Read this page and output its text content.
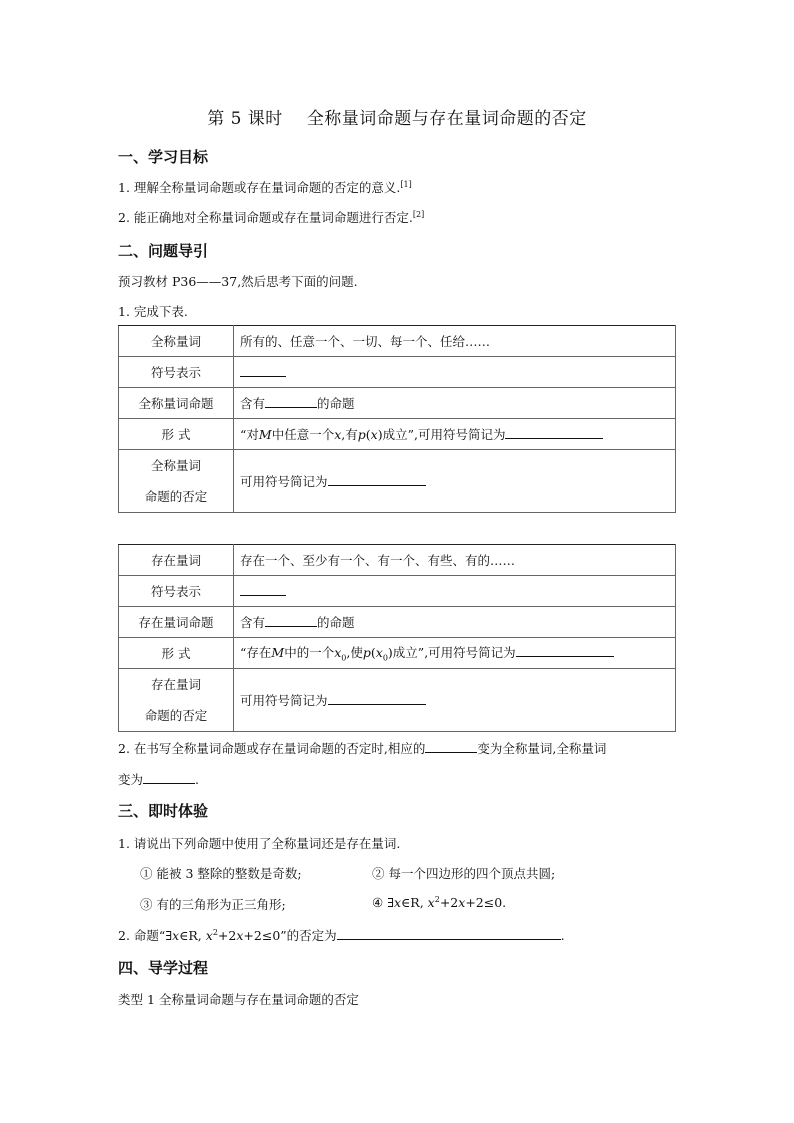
第 5 课时 全称量词命题与存在量词命题的否定
一、学习目标
1. 理解全称量词命题或存在量词命题的否定的意义.[1]
2. 能正确地对全称量词命题或存在量词命题进行否定.[2]
二、问题导引
预习教材 P36——37,然后思考下面的问题.
1. 完成下表.
全称量词	所有的、任意一个、一切、每一个、任给……
符号表示	
全称量词命题	含有 的命题
形 式	“对M中任意一个x,有p(x)成立”,可用符号简记为
全称量词
命题的否定	可用符号简记为
存在量词	存在一个、至少有一个、有一个、有些、有的……
符号表示	
存在量词命题	含有 的命题
形 式	“存在M中的一个$x_0$,使$p(x_0)$成立”,可用符号简记为
存在量词
命题的否定	可用符号简记为
2. 在书写全称量词命题或存在量词命题的否定时,相应的	变为全称量词,全称量词
变为	.
三、即时体验
1. 请说出下列命题中使用了全称量词还是存在量词.
① 能被 3 整除的整数是奇数;	② 每一个四边形的四个顶点共圆;
③ 有的三角形为正三角形;	④ ∃x∈R, $x^2+2x+2\le 0$.
2. 命题“∃x∈R, $x^2+2x+2\le 0$”的否定为	.
四、导学过程
类型 1 全称量词命题与存在量词命题的否定
